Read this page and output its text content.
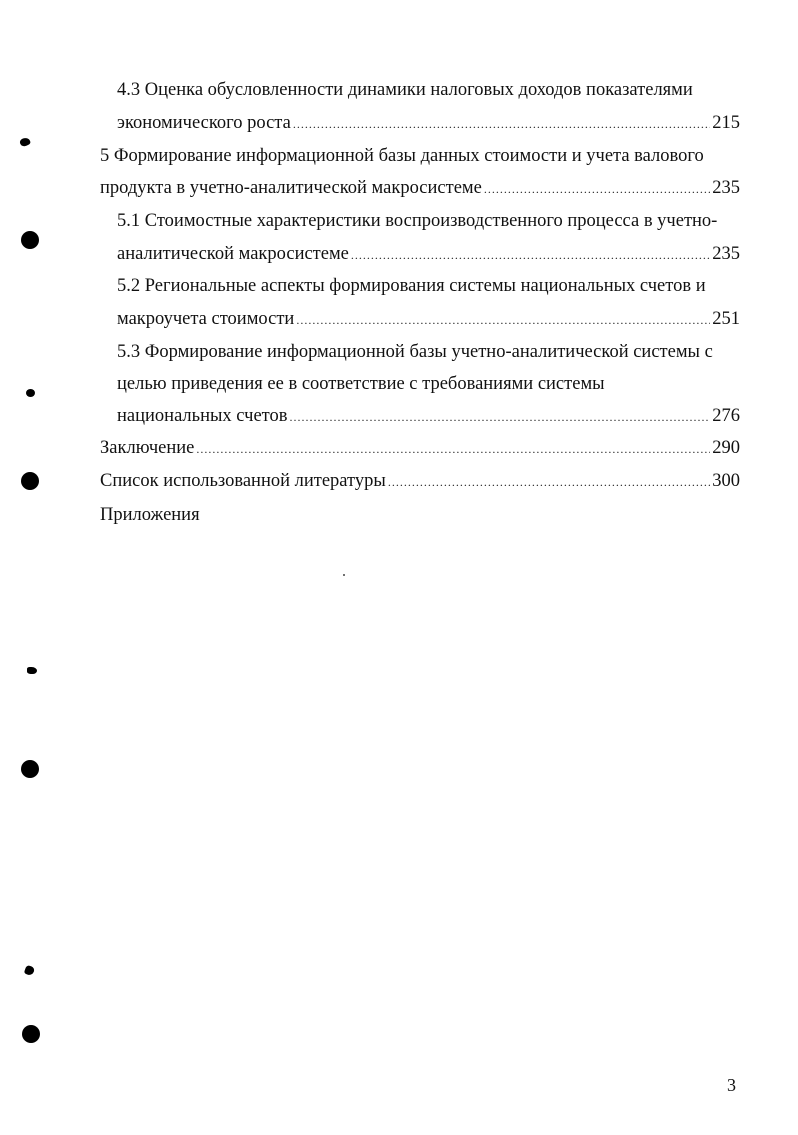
4.3 Оценка обусловленности динамики налоговых доходов показателями
экономического роста .....	215
5 Формирование информационной базы данных стоимости и учета валового
продукта в учетно-аналитической макросистеме .....	235
5.1 Стоимостные характеристики воспроизводственного процесса в учетно-
аналитической макросистеме .....	235
5.2 Региональные аспекты формирования системы национальных счетов и
макроучета стоимости .....	251
5.3 Формирование информационной базы учетно-аналитической системы с
целью приведения ее в соответствие с требованиями системы
национальных счетов .....	276
Заключение .....	290
Список использованной литературы .....	300
Приложения
3
